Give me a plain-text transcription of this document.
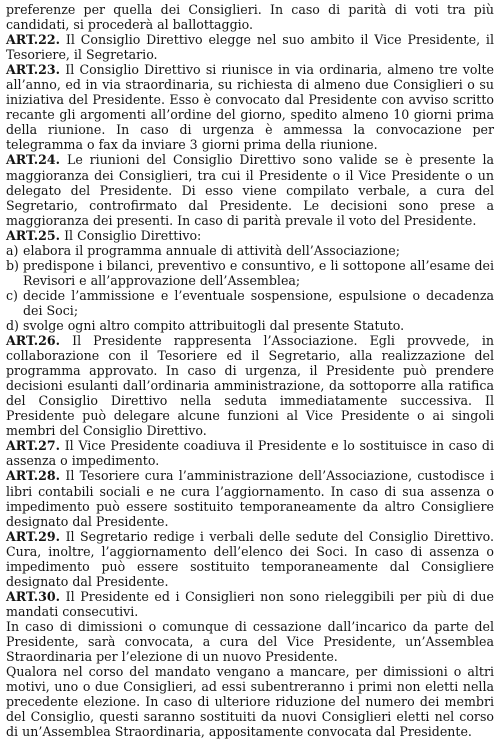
preferenze per quella dei Consiglieri. In caso di parità di voti tra più candidati, si procederà al ballottaggio.

ART.22. Il Consiglio Direttivo elegge nel suo ambito il Vice Presidente, il Tesoriere, il Segretario.

ART.23. Il Consiglio Direttivo si riunisce in via ordinaria, almeno tre volte all’anno, ed in via straordinaria, su richiesta di almeno due Consiglieri o su iniziativa del Presidente. Esso è convocato dal Presidente con avviso scritto recante gli argomenti all’ordine del giorno, spedito almeno 10 giorni prima della riunione. In caso di urgenza è ammessa la convocazione per telegramma o fax da inviare 3 giorni prima della riunione.

ART.24. Le riunioni del Consiglio Direttivo sono valide se è presente la maggioranza dei Consiglieri, tra cui il Presidente o il Vice Presidente o un delegato del Presidente. Di esso viene compilato verbale, a cura del Segretario, controfirmato dal Presidente. Le decisioni sono prese a maggioranza dei presenti. In caso di parità prevale il voto del Presidente.

ART.25. Il Consiglio Direttivo:

a) elabora il programma annuale di attività dell’Associazione;
b) predispone i bilanci, preventivo e consuntivo, e li sottopone all’esame dei Revisori e all’approvazione dell’Assemblea;
c) decide l’ammissione e l’eventuale sospensione, espulsione o decadenza dei Soci;
d) svolge ogni altro compito attribuitogli dal presente Statuto.

ART.26. Il Presidente rappresenta l’Associazione. Egli provvede, in collaborazione con il Tesoriere ed il Segretario, alla realizzazione del programma approvato. In caso di urgenza, il Presidente può prendere decisioni esulanti dall’ordinaria amministrazione, da sottoporre alla ratifica del Consiglio Direttivo nella seduta immediatamente successiva. Il Presidente può delegare alcune funzioni al Vice Presidente o ai singoli membri del Consiglio Direttivo.

ART.27. Il Vice Presidente coadiuva il Presidente e lo sostituisce in caso di assenza o impedimento.

ART.28. Il Tesoriere cura l’amministrazione dell’Associazione, custodisce i libri contabili sociali e ne cura l’aggiornamento. In caso di sua assenza o impedimento può essere sostituito temporaneamente da altro Consigliere designato dal Presidente.

ART.29. Il Segretario redige i verbali delle sedute del Consiglio Direttivo. Cura, inoltre, l’aggiornamento dell’elenco dei Soci. In caso di assenza o impedimento può essere sostituito temporaneamente dal Consigliere designato dal Presidente.

ART.30. Il Presidente ed i Consiglieri non sono rieleggibili per più di due mandati consecutivi.

In caso di dimissioni o comunque di cessazione dall’incarico da parte del Presidente, sarà convocata, a cura del Vice Presidente, un’Assemblea Straordinaria per l’elezione di un nuovo Presidente.

Qualora nel corso del mandato vengano a mancare, per dimissioni o altri motivi, uno o due Consiglieri, ad essi subentreranno i primi non eletti nella precedente elezione. In caso di ulteriore riduzione del numero dei membri del Consiglio, questi saranno sostituiti da nuovi Consiglieri eletti nel corso di un’Assemblea Straordinaria, appositamente convocata dal Presidente.
